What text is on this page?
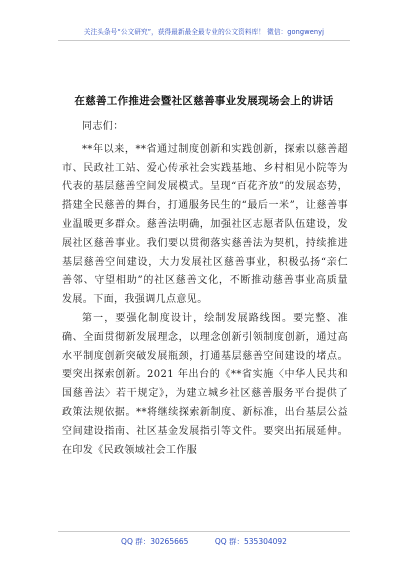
关注头条号“公文研究”，获得最新最全最专业的公文资料库！ 微信：gongwenyj
在慈善工作推进会暨社区慈善事业发展现场会上的讲话

同志们：

**年以来，**省通过制度创新和实践创新，探索以慈善超市、民政社工站、爱心传承社会实践基地、乡村相见小院等为代表的基层慈善空间发展模式。呈现“百花齐放”的发展态势，搭建全民慈善的舞台，打通服务民生的“最后一米”，让慈善事业温暖更多群众。慈善法明确，加强社区志愿者队伍建设，发展社区慈善事业。我们要以贯彻落实慈善法为契机，持续推进基层慈善空间建设，大力发展社区慈善事业，积极弘扬“亲仁善邻、守望相助”的社区慈善文化，不断推动慈善事业高质量发展。下面，我强调几点意见。

第一，要强化制度设计，绘制发展路线图。要完整、准确、全面贯彻新发展理念，以理念创新引领制度创新，通过高水平制度创新突破发展瓶颈，打通基层慈善空间建设的堵点。要突出探索创新。2021 年出台的《**省实施〈中华人民共和国慈善法〉若干规定》，为建立城乡社区慈善服务平台提供了政策法规依据。**将继续探索新制度、新标准，出台基层公益空间建设指南、社区基金发展指引等文件。要突出拓展延伸。在印发《民政领域社会工作服

QQ 群：30265665	QQ 群：535304092
